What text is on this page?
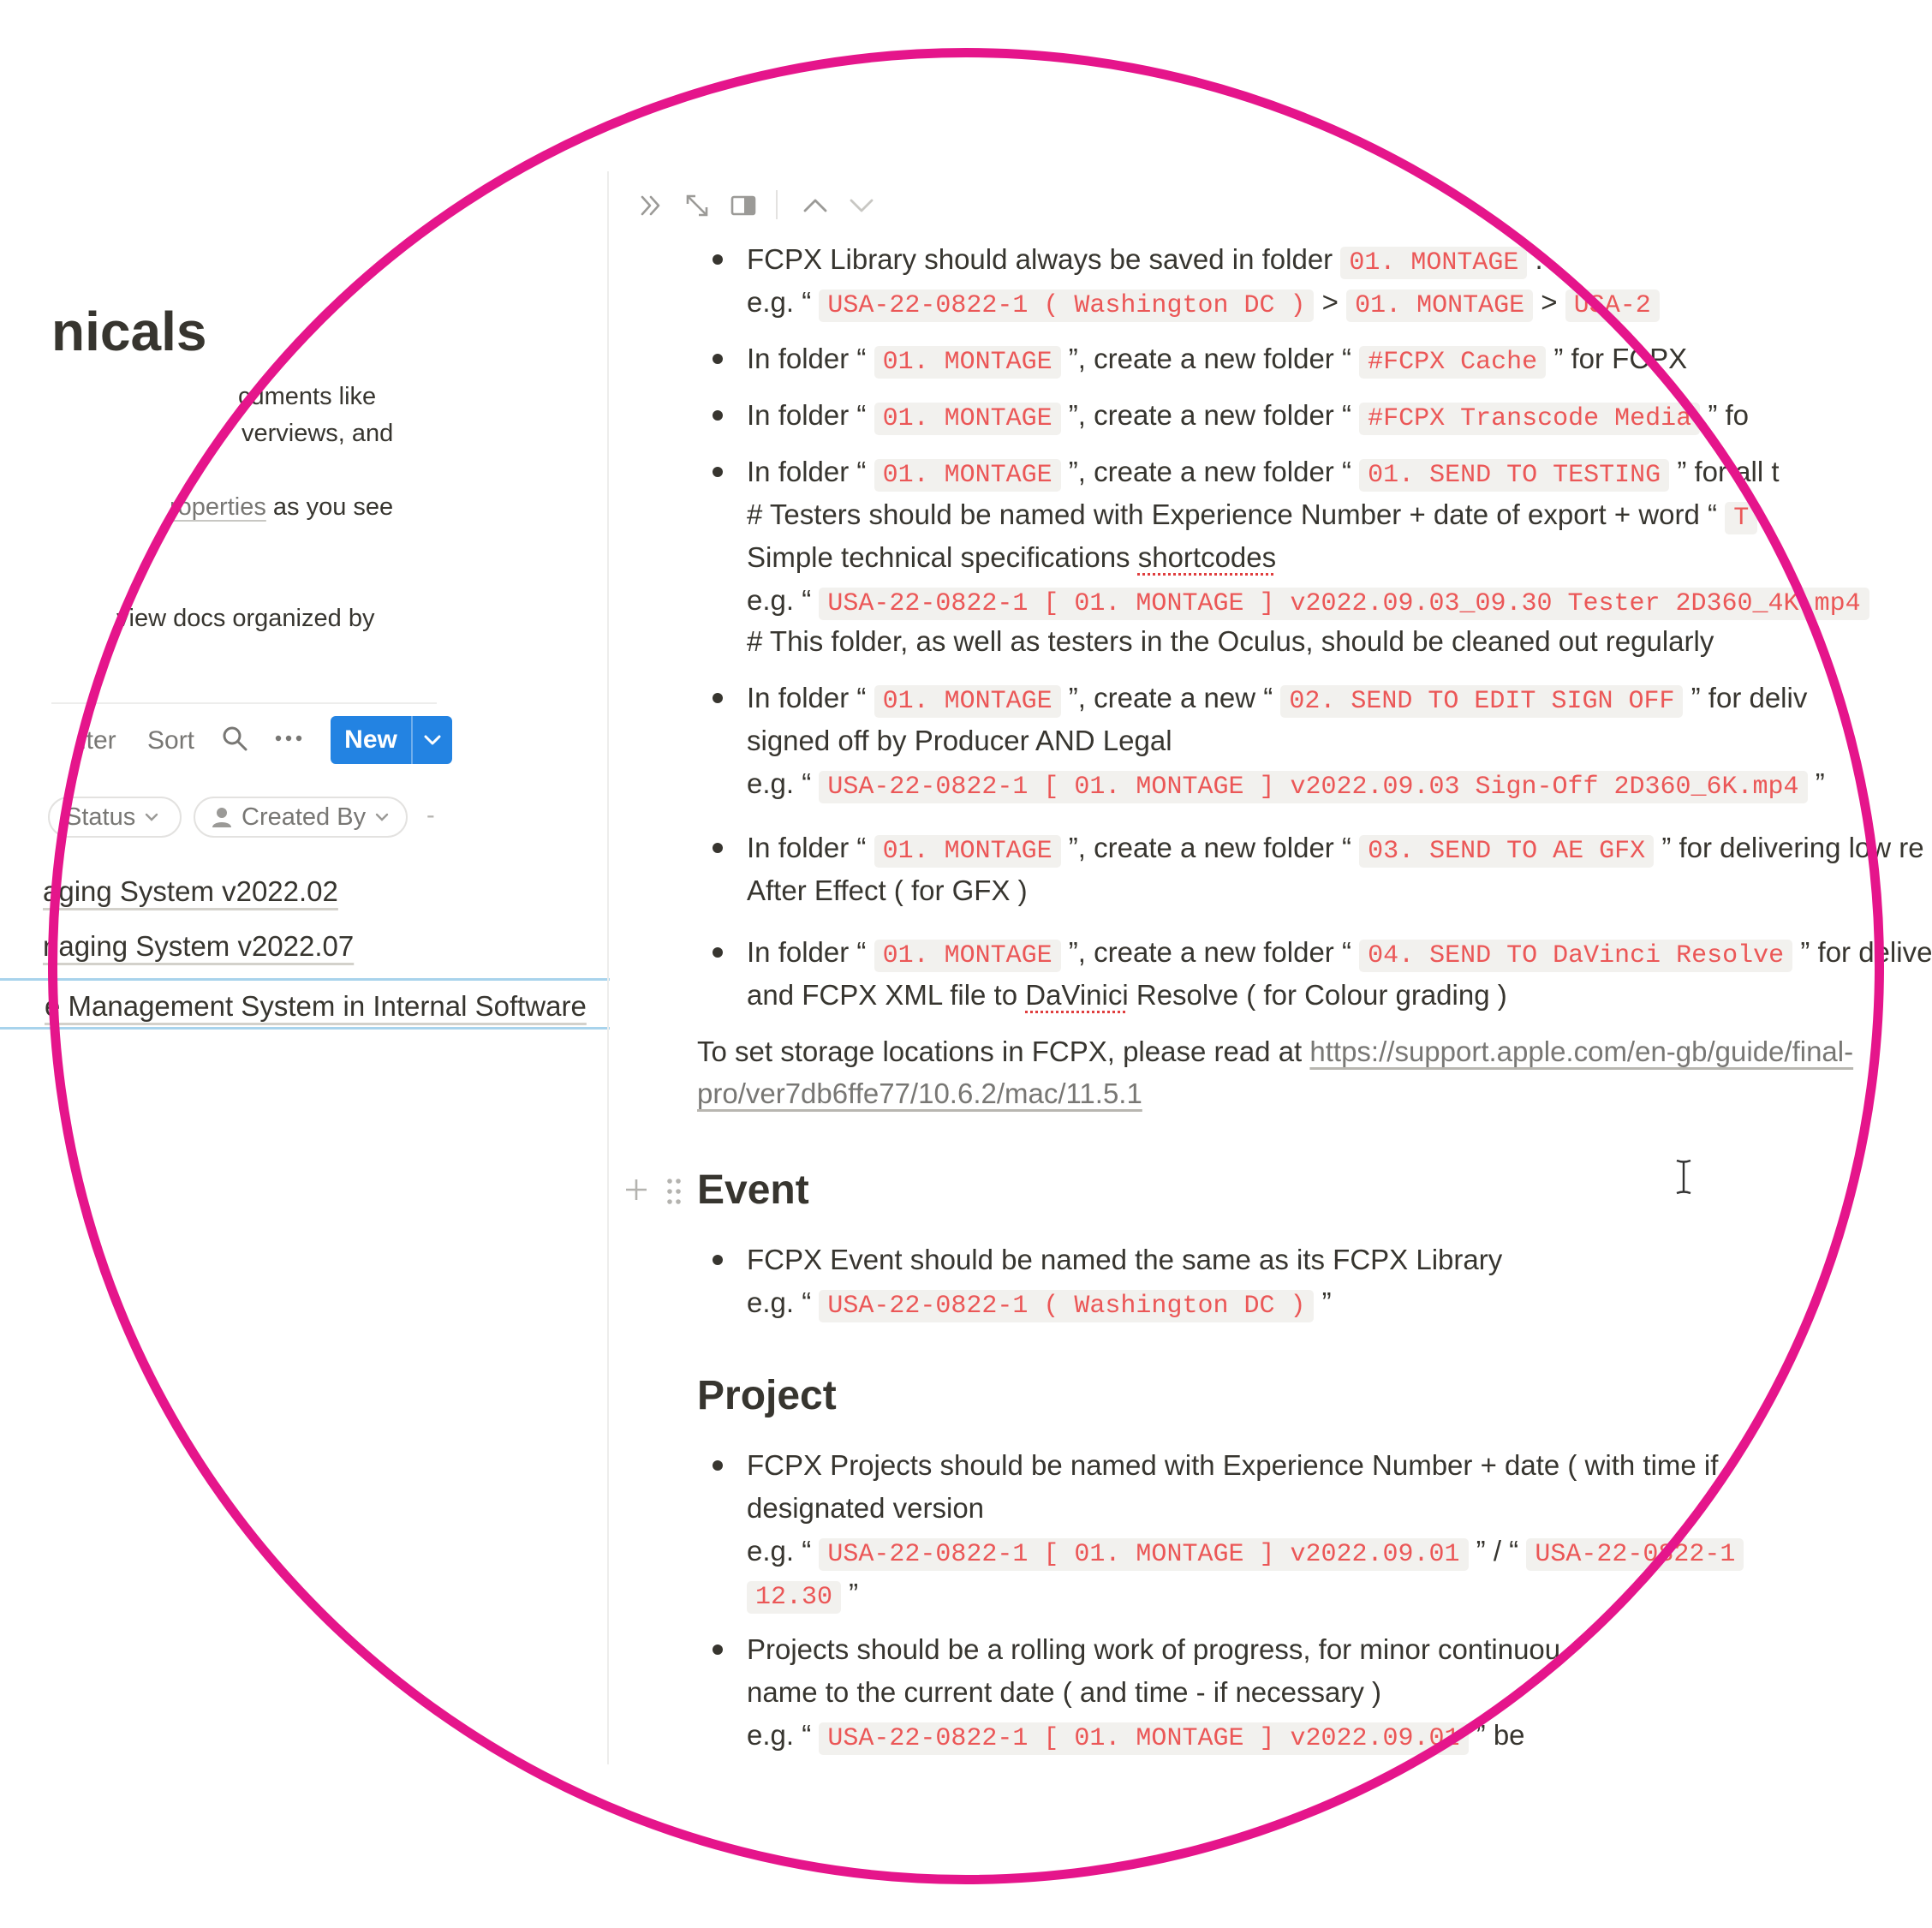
nicals
cuments like
verviews, and
roperties as you see
view docs organized by
.
lter Sort	New
Status	Created By -
aging System v2022.02
naging System v2022.07
e Management System in Internal Software
FCPX Library should always be saved in folder 01. MONTAGE .
e.g. “ USA-22-0822-1 ( Washington DC ) > 01. MONTAGE > USA-2
In folder “ 01. MONTAGE ”, create a new folder “ #FCPX Cache ” for FCPX
In folder “ 01. MONTAGE ”, create a new folder “ #FCPX Transcode Media ” fo
In folder “ 01. MONTAGE ”, create a new folder “ 01. SEND TO TESTING ” for all t
# Testers should be named with Experience Number + date of export + word “ T
Simple technical specifications shortcodes
e.g. “ USA-22-0822-1 [ 01. MONTAGE ] v2022.09.03_09.30 Tester 2D360_4K.mp4
# This folder, as well as testers in the Oculus, should be cleaned out regularly
In folder “ 01. MONTAGE ”, create a new “ 02. SEND TO EDIT SIGN OFF ” for deliv
signed off by Producer AND Legal
e.g. “ USA-22-0822-1 [ 01. MONTAGE ] v2022.09.03 Sign-Off 2D360_6K.mp4 ”
In folder “ 01. MONTAGE ”, create a new folder “ 03. SEND TO AE GFX ” for delivering low re
After Effect ( for GFX )
In folder “ 01. MONTAGE ”, create a new folder “ 04. SEND TO DaVinci Resolve ” for delive
and FCPX XML file to DaVinici Resolve ( for Colour grading )
To set storage locations in FCPX, please read at https://support.apple.com/en-gb/guide/final-
pro/ver7db6ffe77/10.6.2/mac/11.5.1
Event
FCPX Event should be named the same as its FCPX Library
e.g. “ USA-22-0822-1 ( Washington DC ) ”
Project
FCPX Projects should be named with Experience Number + date ( with time if
designated version
e.g. “ USA-22-0822-1 [ 01. MONTAGE ] v2022.09.01 ” / “ USA-22-0822-1
12.30 ”
Projects should be a rolling work of progress, for minor continuou
name to the current date ( and time - if necessary )
e.g. “ USA-22-0822-1 [ 01. MONTAGE ] v2022.09.01 ” be
